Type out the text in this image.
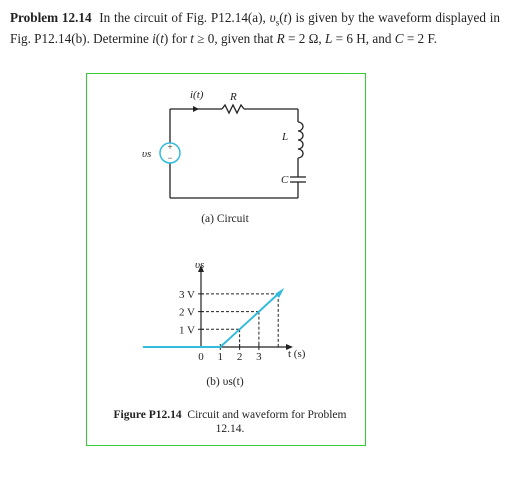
Problem 12.14 In the circuit of Fig. P12.14(a), $\upsilon_s(t)$ is given by the waveform displayed in Fig. P12.14(b). Determine i(t) for t ≥ 0, given that R = 2 Ω, L = 6 H, and C = 2 F.
+
−
i(t) R
L
C
υs
(a) Circuit
3 V
2 V
1 V
0 1 2 3
υs
t (s)
(b) υs(t)
Figure P12.14 Circuit and waveform for Problem 12.14.
